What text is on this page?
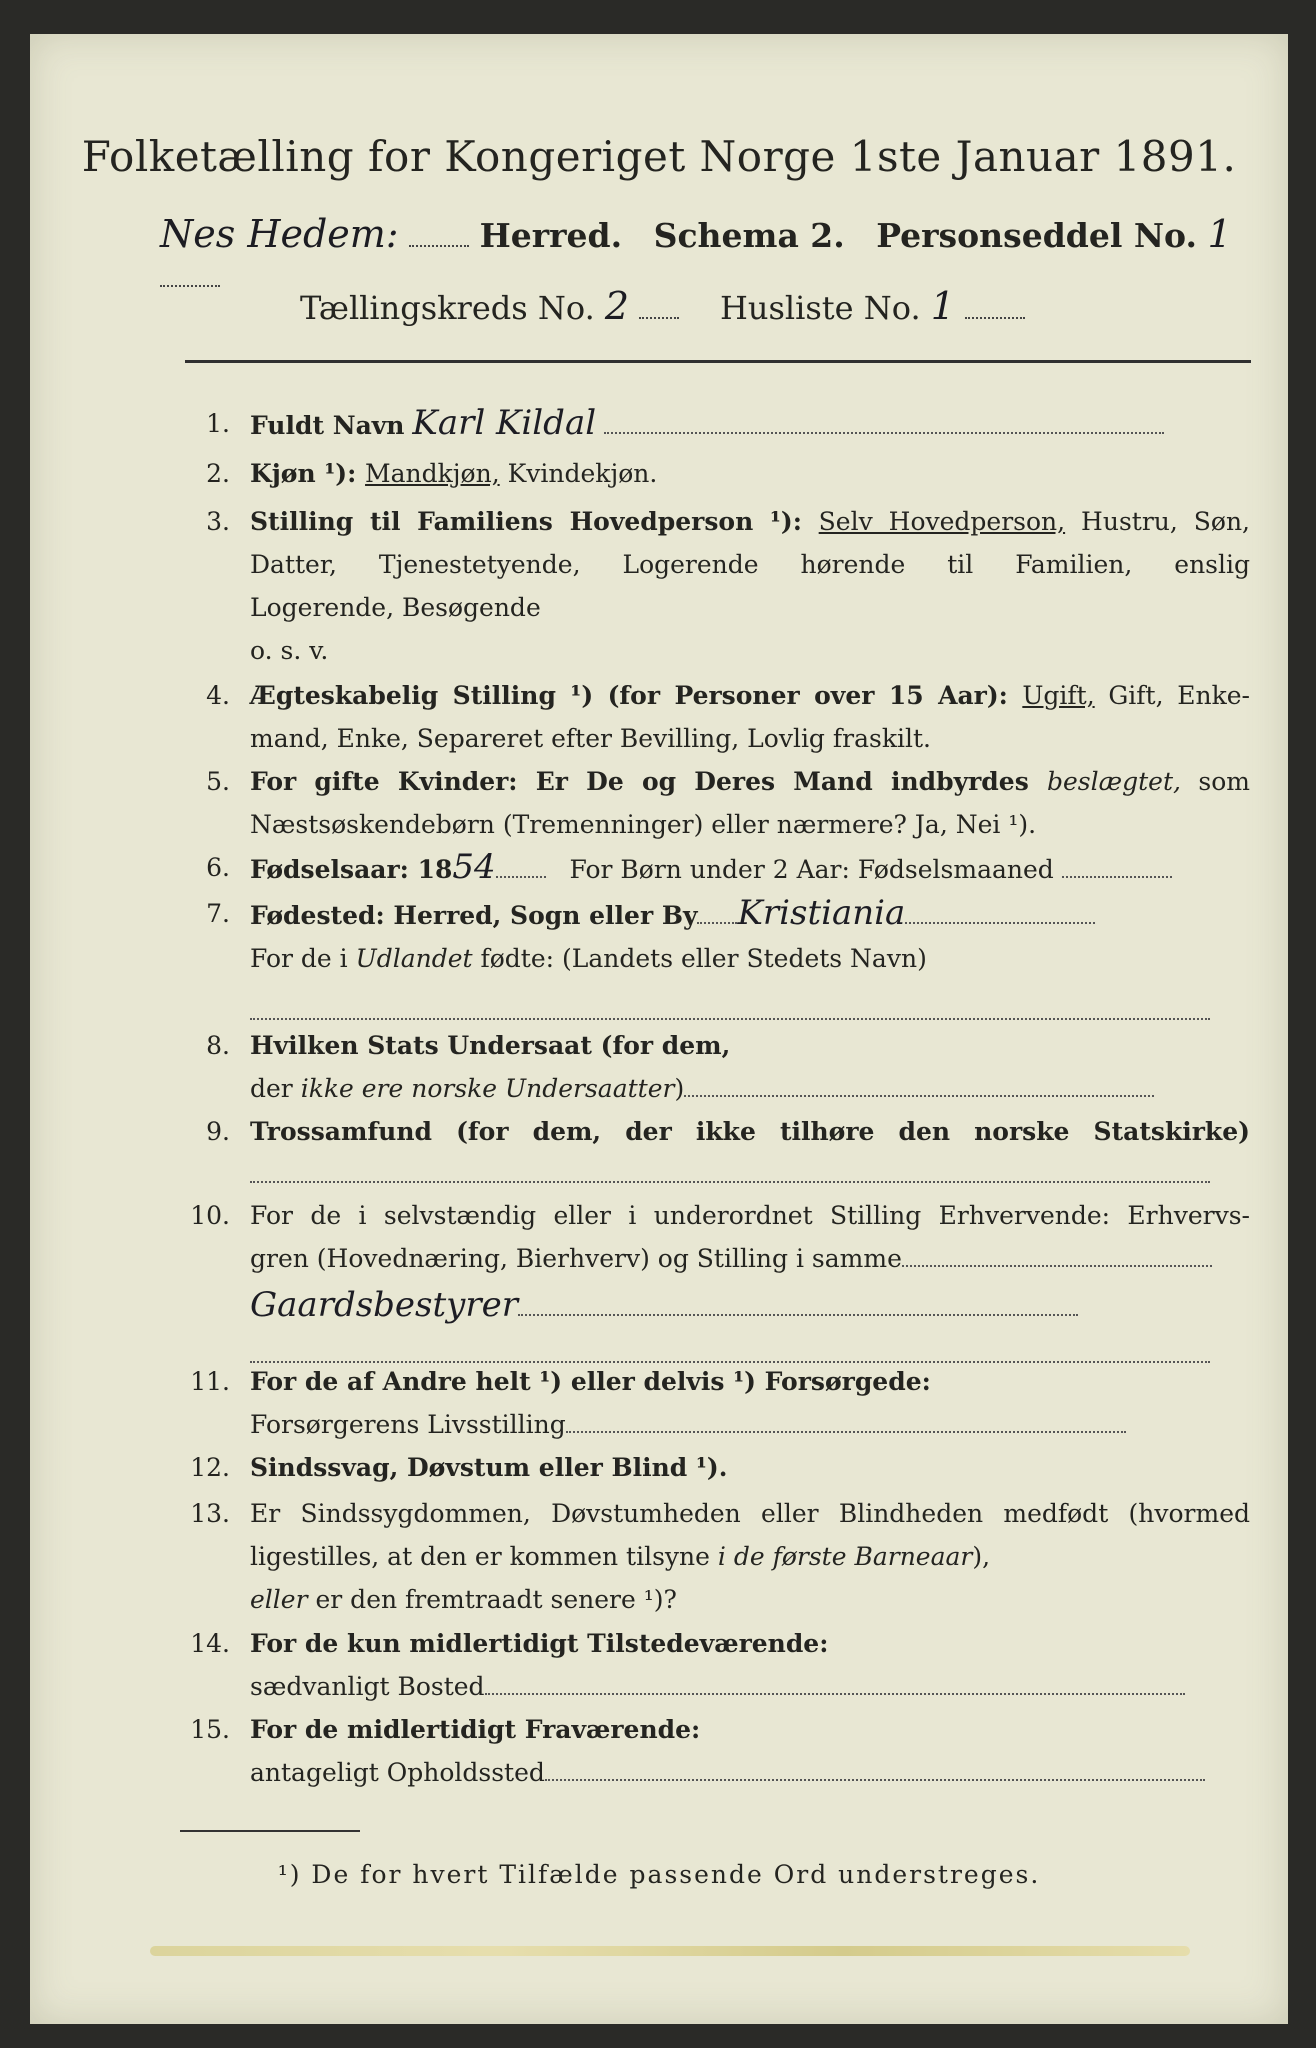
Folketælling for Kongeriget Norge 1ste Januar 1891.
Nes Hedem: Herred. Schema 2. Personseddel No. 1
Tællingskreds No. 2	Husliste No. 1
1. Fuldt Navn Karl Kildal
2. Kjøn ¹): Mandkjøn, Kvindekjøn.
3. Stilling til Familiens Hovedperson ¹): Selv Hovedperson, Hustru, Søn,
Datter, Tjenestetyende, Logerende hørende til Familien, enslig
Logerende, Besøgende
o. s. v.
4. Ægteskabelig Stilling ¹) (for Personer over 15 Aar): Ugift, Gift, Enke-
mand, Enke, Separeret efter Bevilling, Lovlig fraskilt.
5. For gifte Kvinder: Er De og Deres Mand indbyrdes beslægtet, som
Næstsøskendebørn (Tremenninger) eller nærmere? Ja, Nei ¹).
6. Fødselsaar: 1854	For Børn under 2 Aar: Fødselsmaaned
7. Fødested: Herred, Sogn eller By Kristiania
For de i Udlandet fødte: (Landets eller Stedets Navn)
8. Hvilken Stats Undersaat (for dem,
der ikke ere norske Undersaatter)
9. Trossamfund (for dem, der ikke tilhøre den norske Statskirke)
10. For de i selvstændig eller i underordnet Stilling Erhvervende: Erhvervs-
gren (Hovednæring, Bierhverv) og Stilling i samme
Gaardsbestyrer
11. For de af Andre helt ¹) eller delvis ¹) Forsørgede:
Forsørgerens Livsstilling
12. Sindssvag, Døvstum eller Blind ¹).
13. Er Sindssygdommen, Døvstumheden eller Blindheden medfødt (hvormed
ligestilles, at den er kommen tilsyne i de første Barneaar),
eller er den fremtraadt senere ¹)?
14. For de kun midlertidigt Tilstedeværende:
sædvanligt Bosted
15. For de midlertidigt Fraværende:
antageligt Opholdssted
¹) De for hvert Tilfælde passende Ord understreges.
